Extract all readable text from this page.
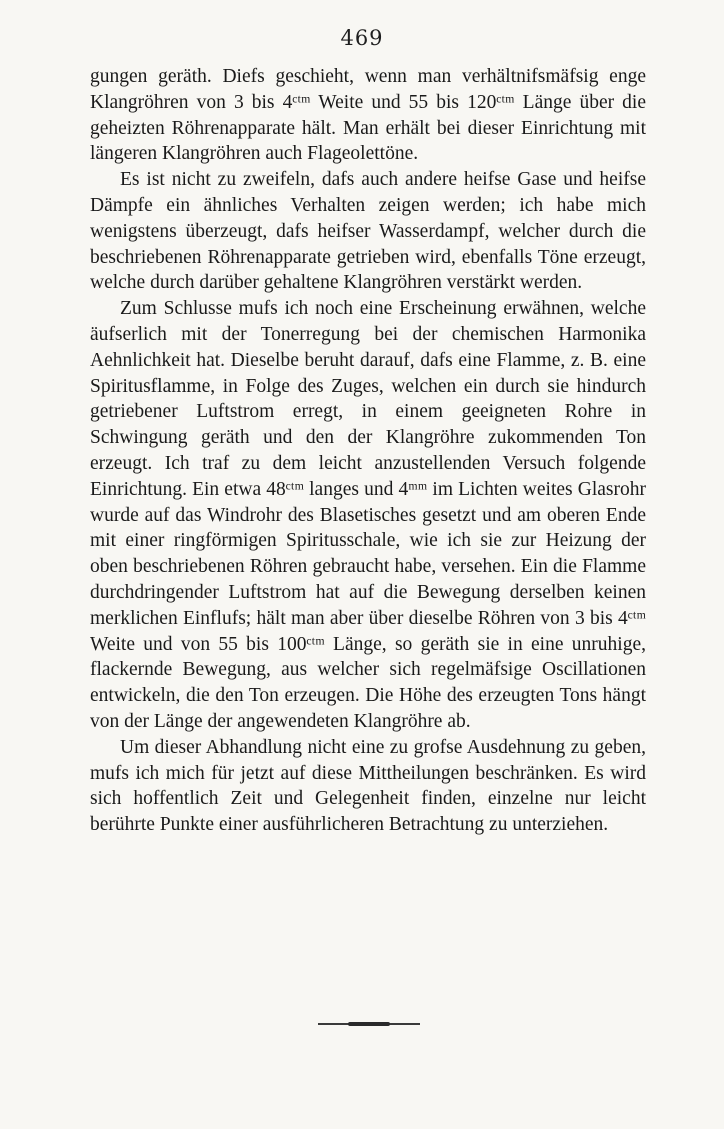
469

gungen geräth. Diefs geschieht, wenn man verhältnifsmäfsig enge Klangröhren von 3 bis 4ᶜᵗᵐ Weite und 55 bis 120ᶜᵗᵐ Länge über die geheizten Röhrenapparate hält. Man erhält bei dieser Einrichtung mit längeren Klangröhren auch Flageolettöne.

Es ist nicht zu zweifeln, dafs auch andere heifse Gase und heifse Dämpfe ein ähnliches Verhalten zeigen werden; ich habe mich wenigstens überzeugt, dafs heifser Wasserdampf, welcher durch die beschriebenen Röhrenapparate getrieben wird, ebenfalls Töne erzeugt, welche durch darüber gehaltene Klangröhren verstärkt werden.

Zum Schlusse mufs ich noch eine Erscheinung erwähnen, welche äufserlich mit der Tonerregung bei der chemischen Harmonika Aehnlichkeit hat. Dieselbe beruht darauf, dafs eine Flamme, z. B. eine Spiritusflamme, in Folge des Zuges, welchen ein durch sie hindurch getriebener Luftstrom erregt, in einem geeigneten Rohre in Schwingung geräth und den der Klangröhre zukommenden Ton erzeugt. Ich traf zu dem leicht anzustellenden Versuch folgende Einrichtung. Ein etwa 48ᶜᵗᵐ langes und 4ᵐᵐ im Lichten weites Glasrohr wurde auf das Windrohr des Blasetisches gesetzt und am oberen Ende mit einer ringförmigen Spiritusschale, wie ich sie zur Heizung der oben beschriebenen Röhren gebraucht habe, versehen. Ein die Flamme durchdringender Luftstrom hat auf die Bewegung derselben keinen merklichen Einflufs; hält man aber über dieselbe Röhren von 3 bis 4ᶜᵗᵐ Weite und von 55 bis 100ᶜᵗᵐ Länge, so geräth sie in eine unruhige, flackernde Bewegung, aus welcher sich regelmäfsige Oscillationen entwickeln, die den Ton erzeugen. Die Höhe des erzeugten Tons hängt von der Länge der angewendeten Klangröhre ab.

Um dieser Abhandlung nicht eine zu grofse Ausdehnung zu geben, mufs ich mich für jetzt auf diese Mittheilungen beschränken. Es wird sich hoffentlich Zeit und Gelegenheit finden, einzelne nur leicht berührte Punkte einer ausführlicheren Betrachtung zu unterziehen.
